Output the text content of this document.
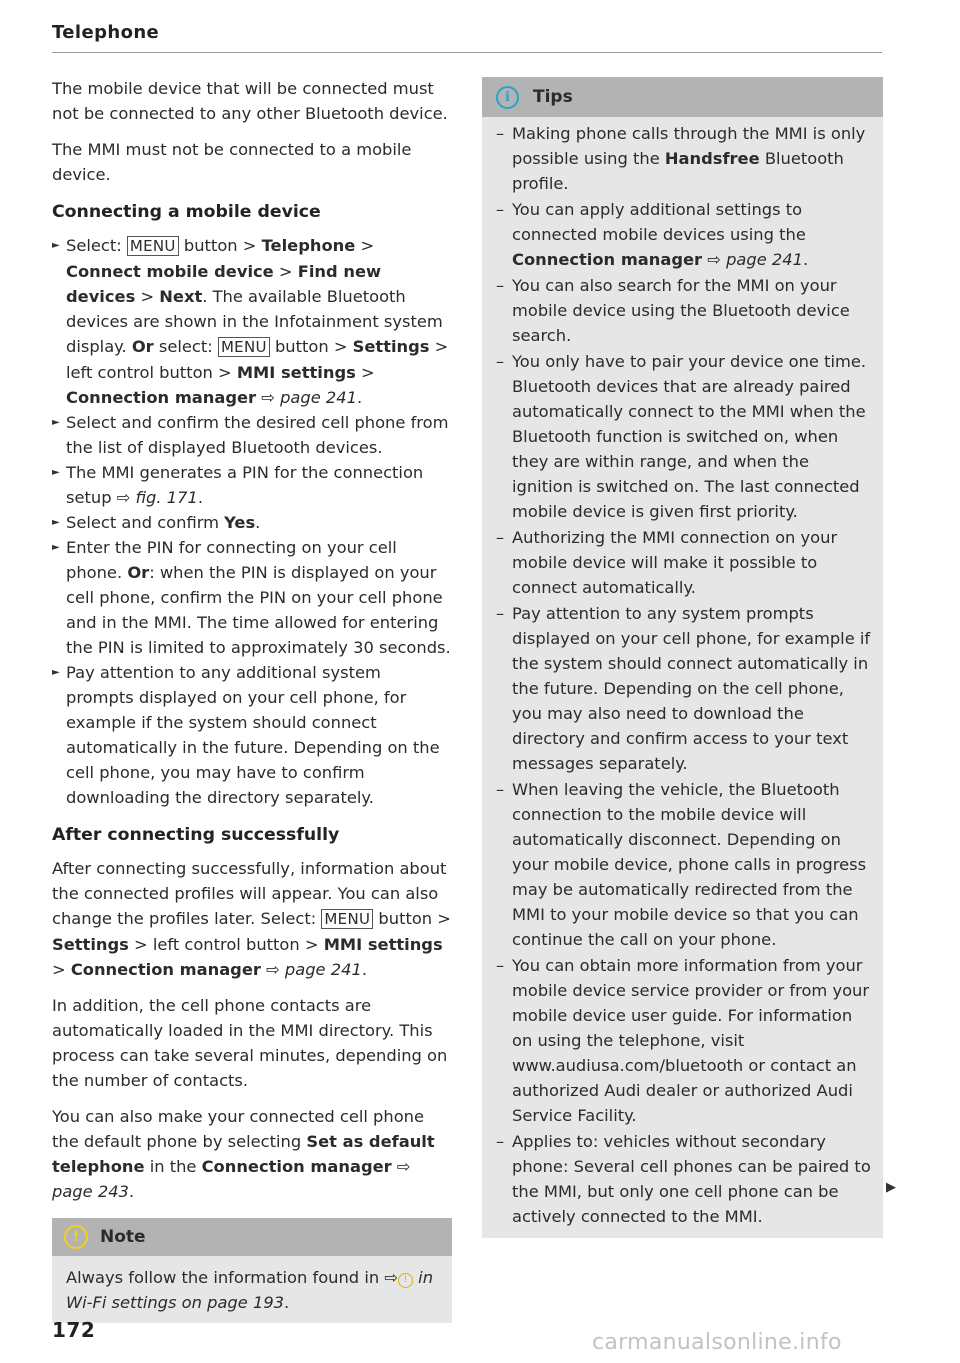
Telephone

The mobile device that will be connected must not be connected to any other Bluetooth device.

The MMI must not be connected to a mobile device.

Connecting a mobile device
► Select: MENU button > Telephone > Connect mobile device > Find new devices > Next. The available Bluetooth devices are shown in the Infotainment system display. Or select: MENU button > Settings > left control button > MMI settings > Connection manager ⇨ page 241.
► Select and confirm the desired cell phone from the list of displayed Bluetooth devices.
► The MMI generates a PIN for the connection setup ⇨ fig. 171.
► Select and confirm Yes.
► Enter the PIN for connecting on your cell phone. Or: when the PIN is displayed on your cell phone, confirm the PIN on your cell phone and in the MMI. The time allowed for entering the PIN is limited to approximately 30 seconds.
► Pay attention to any additional system prompts displayed on your cell phone, for example if the system should connect automatically in the future. Depending on the cell phone, you may have to confirm downloading the directory separately.
After connecting successfully

After connecting successfully, information about the connected profiles will appear. You can also change the profiles later. Select: MENU button > Settings > left control button > MMI settings > Connection manager ⇨ page 241.

In addition, the cell phone contacts are automatically loaded in the MMI directory. This process can take several minutes, depending on the number of contacts.

You can also make your connected cell phone the default phone by selecting Set as default telephone in the Connection manager ⇨ page 243.

!	Note
Always follow the information found in ⇨ ! in Wi-Fi settings on page 193.
i	Tips
– Making phone calls through the MMI is only possible using the Handsfree Bluetooth profile.
– You can apply additional settings to connected mobile devices using the Connection manager ⇨ page 241.
– You can also search for the MMI on your mobile device using the Bluetooth device search.
– You only have to pair your device one time. Bluetooth devices that are already paired automatically connect to the MMI when the Bluetooth function is switched on, when they are within range, and when the ignition is switched on. The last connected mobile device is given first priority.
– Authorizing the MMI connection on your mobile device will make it possible to connect automatically.
– Pay attention to any system prompts displayed on your cell phone, for example if the system should connect automatically in the future. Depending on the cell phone, you may also need to download the directory and confirm access to your text messages separately.
– When leaving the vehicle, the Bluetooth connection to the mobile device will automatically disconnect. Depending on your mobile device, phone calls in progress may be automatically redirected from the MMI to your mobile device so that you can continue the call on your phone.
– You can obtain more information from your mobile device service provider or from your mobile device user guide. For information on using the telephone, visit www.audiusa.com/bluetooth or contact an authorized Audi dealer or authorized Audi Service Facility.
– Applies to: vehicles without secondary phone: Several cell phones can be paired to the MMI, but only one cell phone can be actively connected to the MMI.
▶
172	carmanualsonline.info
